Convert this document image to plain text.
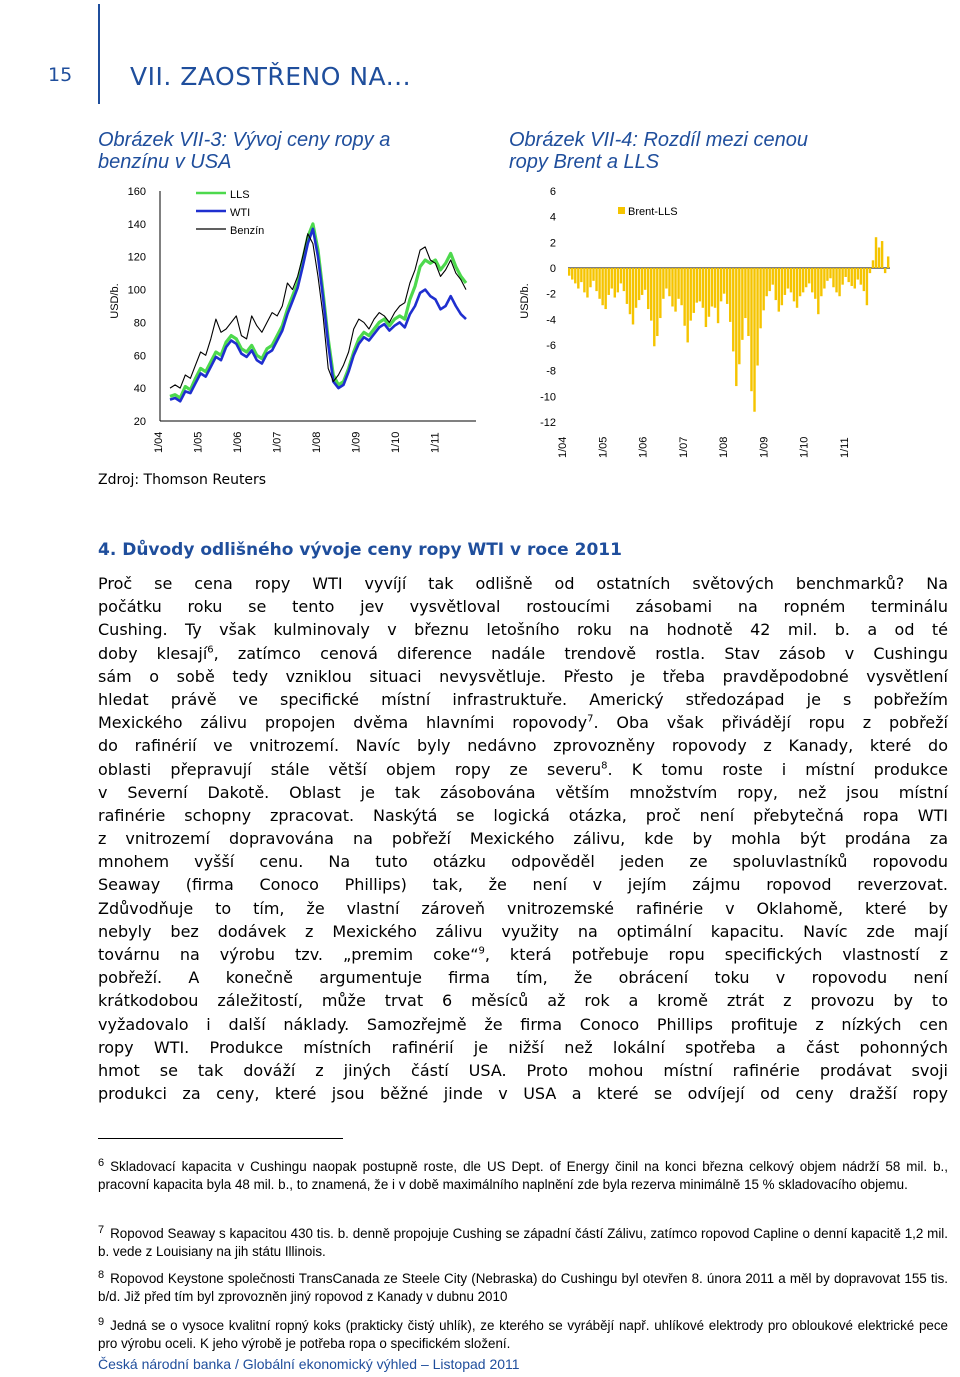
15 VII. ZAOSTŘENO NA...
Obrázek VII-3: Vývoj ceny ropy a
benzínu v USA
Obrázek VII-4: Rozdíl mezi cenou
ropy Brent a LLS
USD/b.
160
140
120
100
80
60
40
20
1/04	1/05	1/06	1/07	1/08	1/09	1/10	1/11
LLS
WTI
Benzín
USD/b.
6
4
2
0
-2
-4
-6
-8
-10
-12
1/04	1/05	1/06	1/07	1/08	1/09	1/10	1/11
Brent-LLS
Zdroj: Thomson Reuters
4. Důvody odlišného vývoje ceny ropy WTI v roce 2011
Proč se cena ropy WTI vyvíjí tak odlišně od ostatních světových benchmarků? Na
počátku roku se tento jev vysvětloval rostoucími zásobami na ropném terminálu
Cushing. Ty však kulminovaly v březnu letošního roku na hodnotě 42 mil. b. a od té
doby klesají$^6$, zatímco cenová diference nadále trendově rostla. Stav zásob v Cushingu
sám o sobě tedy vzniklou situaci nevysvětluje. Přesto je třeba pravděpodobné vysvětlení
hledat právě ve specifické místní infrastruktuře. Americký středozápad je s pobřežím
Mexického zálivu propojen dvěma hlavními ropovody$^7$. Oba však přivádějí ropu z pobřeží
do rafinérií ve vnitrozemí. Navíc byly nedávno zprovozněny ropovody z Kanady, které do
oblasti přepravují stále větší objem ropy ze severu$^8$. K tomu roste i místní produkce
v Severní Dakotě. Oblast je tak zásobována větším množstvím ropy, než jsou místní
rafinérie schopny zpracovat. Naskýtá se logická otázka, proč není přebytečná ropa WTI
z vnitrozemí dopravována na pobřeží Mexického zálivu, kde by mohla být prodána za
mnohem vyšší cenu. Na tuto otázku odpověděl jeden ze spoluvlastníků ropovodu
Seaway (firma Conoco Phillips) tak, že není v jejím zájmu ropovod reverzovat.
Zdůvodňuje to tím, že vlastní zároveň vnitrozemské rafinérie v Oklahomě, které by
nebyly bez dodávek z Mexického zálivu využity na optimální kapacitu. Navíc zde mají
továrnu na výrobu tzv. „premim coke“$^9$, která potřebuje ropu specifických vlastností z
pobřeží. A konečně argumentuje firma tím, že obrácení toku v ropovodu není
krátkodobou záležitostí, může trvat 6 měsíců až rok a kromě ztrát z provozu by to
vyžadovalo i další náklady. Samozřejmě že firma Conoco Phillips profituje z nízkých cen
ropy WTI. Produkce místních rafinérií je nižší než lokální spotřeba a část pohonných
hmot se tak dováží z jiných částí USA. Proto mohou místní rafinérie prodávat svoji
produkci za ceny, které jsou běžné jinde v USA a které se odvíjejí od ceny dražší ropy
$^6$ Skladovací kapacita v Cushingu naopak postupně roste, dle US Dept. of Energy činil na konci března celkový objem nádrží 58 mil. b., pracovní kapacita byla 48 mil. b., to znamená, že i v době maximálního naplnění zde byla rezerva minimálně 15 % skladovacího objemu.
$^7$ Ropovod Seaway s kapacitou 430 tis. b. denně propojuje Cushing se západní částí Zálivu, zatímco ropovod Capline o denní kapacitě 1,2 mil. b. vede z Louisiany na jih státu Illinois.
$^8$ Ropovod Keystone společnosti TransCanada ze Steele City (Nebraska) do Cushingu byl otevřen 8. února 2011 a měl by dopravovat 155 tis. b/d. Již před tím byl zprovozněn jiný ropovod z Kanady v dubnu 2010
$^9$ Jedná se o vysoce kvalitní ropný koks (prakticky čistý uhlík), ze kterého se vyrábějí např. uhlíkové elektrody pro obloukové elektrické pece pro výrobu oceli. K jeho výrobě je potřeba ropa o specifickém složení.
Česká národní banka / Globální ekonomický výhled – Listopad 2011
